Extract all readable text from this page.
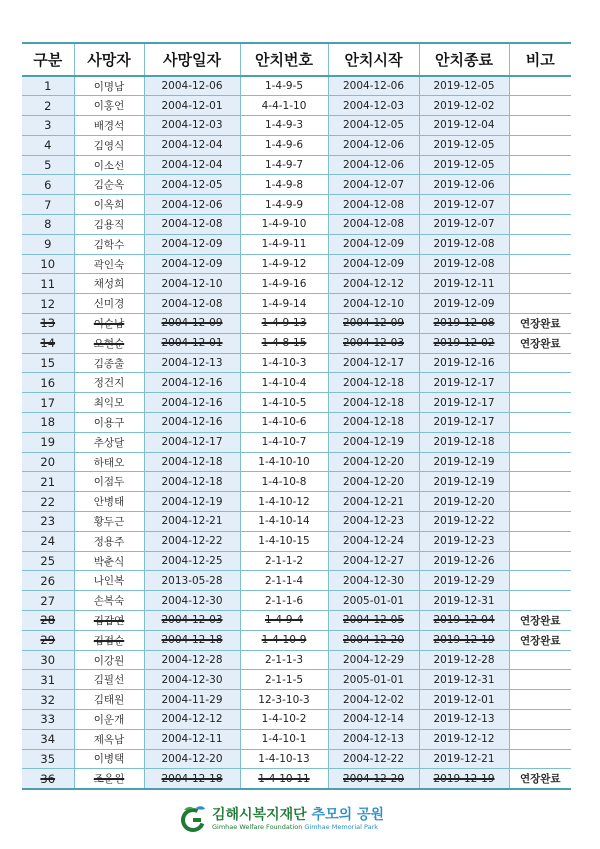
구분	사망자	사망일자	안치번호	안치시작	안치종료	비고
1	이명남	2004-12-06	1-4-9-5	2004-12-06	2019-12-05	
2	이홍언	2004-12-01	4-4-1-10	2004-12-03	2019-12-02	
3	배경석	2004-12-03	1-4-9-3	2004-12-05	2019-12-04	
4	김영식	2004-12-04	1-4-9-6	2004-12-06	2019-12-05	
5	이소선	2004-12-04	1-4-9-7	2004-12-06	2019-12-05	
6	김순옥	2004-12-05	1-4-9-8	2004-12-07	2019-12-06	
7	이옥희	2004-12-06	1-4-9-9	2004-12-08	2019-12-07	
8	김용직	2004-12-08	1-4-9-10	2004-12-08	2019-12-07	
9	김학수	2004-12-09	1-4-9-11	2004-12-09	2019-12-08	
10	곽인숙	2004-12-09	1-4-9-12	2004-12-09	2019-12-08	
11	채성희	2004-12-10	1-4-9-16	2004-12-12	2019-12-11	
12	신미경	2004-12-08	1-4-9-14	2004-12-10	2019-12-09	
13	이순남	2004-12-09	1-4-9-13	2004-12-09	2019-12-08	연장완료
14	오현순	2004-12-01	1-4-8-15	2004-12-03	2019-12-02	연장완료
15	김종출	2004-12-13	1-4-10-3	2004-12-17	2019-12-16	
16	정건지	2004-12-16	1-4-10-4	2004-12-18	2019-12-17	
17	최익모	2004-12-16	1-4-10-5	2004-12-18	2019-12-17	
18	이용구	2004-12-16	1-4-10-6	2004-12-18	2019-12-17	
19	추상달	2004-12-17	1-4-10-7	2004-12-19	2019-12-18	
20	하태오	2004-12-18	1-4-10-10	2004-12-20	2019-12-19	
21	이점두	2004-12-18	1-4-10-8	2004-12-20	2019-12-19	
22	안병태	2004-12-19	1-4-10-12	2004-12-21	2019-12-20	
23	황두근	2004-12-21	1-4-10-14	2004-12-23	2019-12-22	
24	정용주	2004-12-22	1-4-10-15	2004-12-24	2019-12-23	
25	박춘식	2004-12-25	2-1-1-2	2004-12-27	2019-12-26	
26	나인복	2013-05-28	2-1-1-4	2004-12-30	2019-12-29	
27	손복숙	2004-12-30	2-1-1-6	2005-01-01	2019-12-31	
28	김갑연	2004-12-03	1-4-9-4	2004-12-05	2019-12-04	연장완료
29	김점순	2004-12-18	1-4-10-9	2004-12-20	2019-12-19	연장완료
30	이강원	2004-12-28	2-1-1-3	2004-12-29	2019-12-28	
31	김필선	2004-12-30	2-1-1-5	2005-01-01	2019-12-31	
32	김태원	2004-11-29	12-3-10-3	2004-12-02	2019-12-01	
33	이운개	2004-12-12	1-4-10-2	2004-12-14	2019-12-13	
34	제옥남	2004-12-11	1-4-10-1	2004-12-13	2019-12-12	
35	이병택	2004-12-20	1-4-10-13	2004-12-22	2019-12-21	
36	조운원	2004-12-18	1-4-10-11	2004-12-20	2019-12-19	연장완료
김해시복지재단 추모의 공원
Gimhae Welfare Foundation Gimhae Memorial Park
